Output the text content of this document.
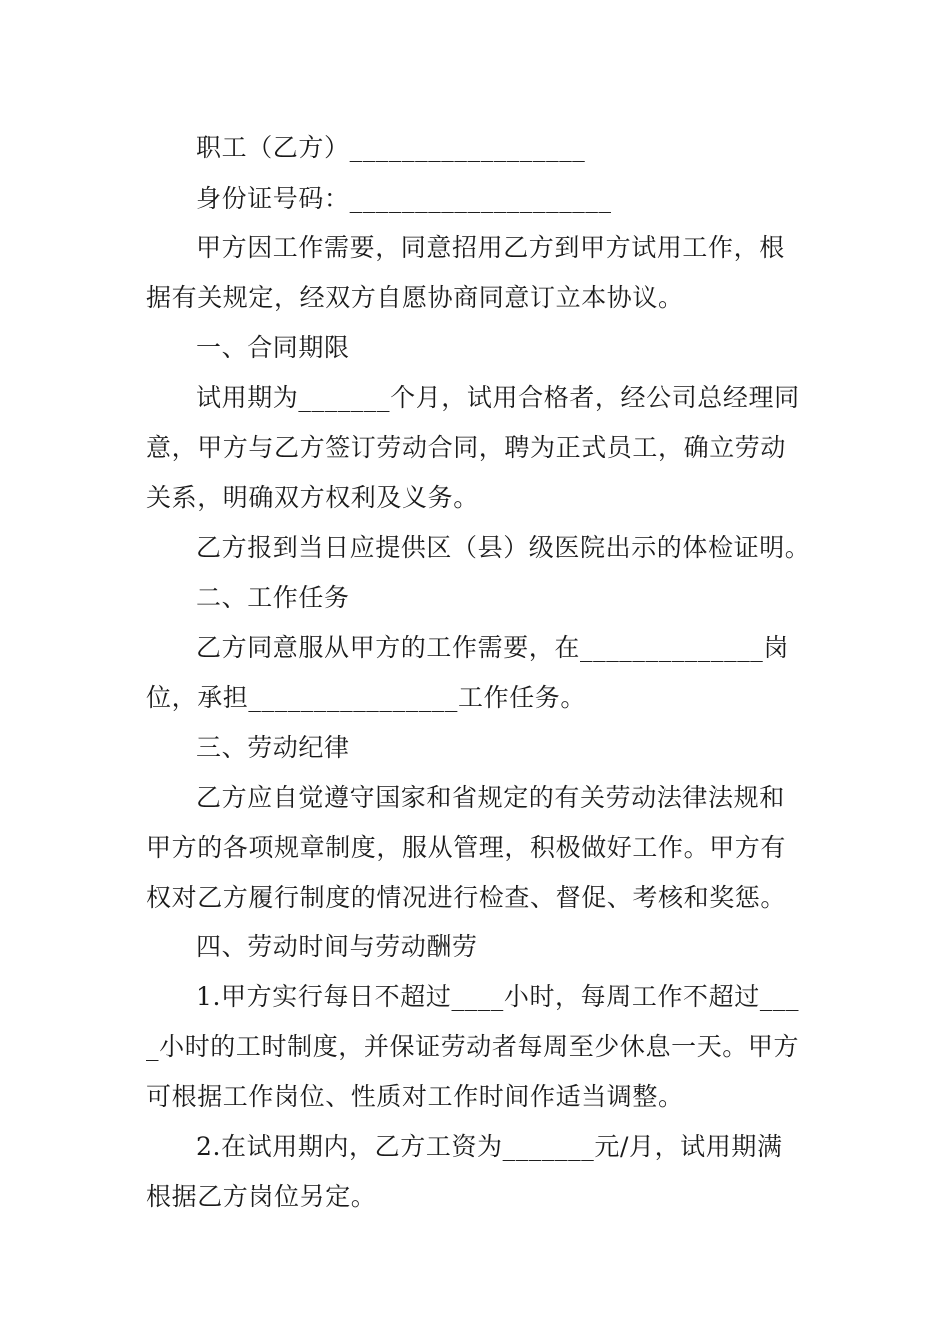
职工（乙方）__________________
身份证号码：____________________
甲方因工作需要，同意招用乙方到甲方试用工作，根
据有关规定，经双方自愿协商同意订立本协议。
一、合同期限
试用期为_______个月，试用合格者，经公司总经理同
意，甲方与乙方签订劳动合同，聘为正式员工，确立劳动
关系，明确双方权利及义务。
乙方报到当日应提供区（县）级医院出示的体检证明。
二、工作任务
乙方同意服从甲方的工作需要，在______________岗
位，承担________________工作任务。
三、劳动纪律
乙方应自觉遵守国家和省规定的有关劳动法律法规和
甲方的各项规章制度，服从管理，积极做好工作。甲方有
权对乙方履行制度的情况进行检查、督促、考核和奖惩。
四、劳动时间与劳动酬劳
1.甲方实行每日不超过____小时，每周工作不超过___
_小时的工时制度，并保证劳动者每周至少休息一天。甲方
可根据工作岗位、性质对工作时间作适当调整。
2.在试用期内，乙方工资为_______元/月，试用期满
根据乙方岗位另定。
